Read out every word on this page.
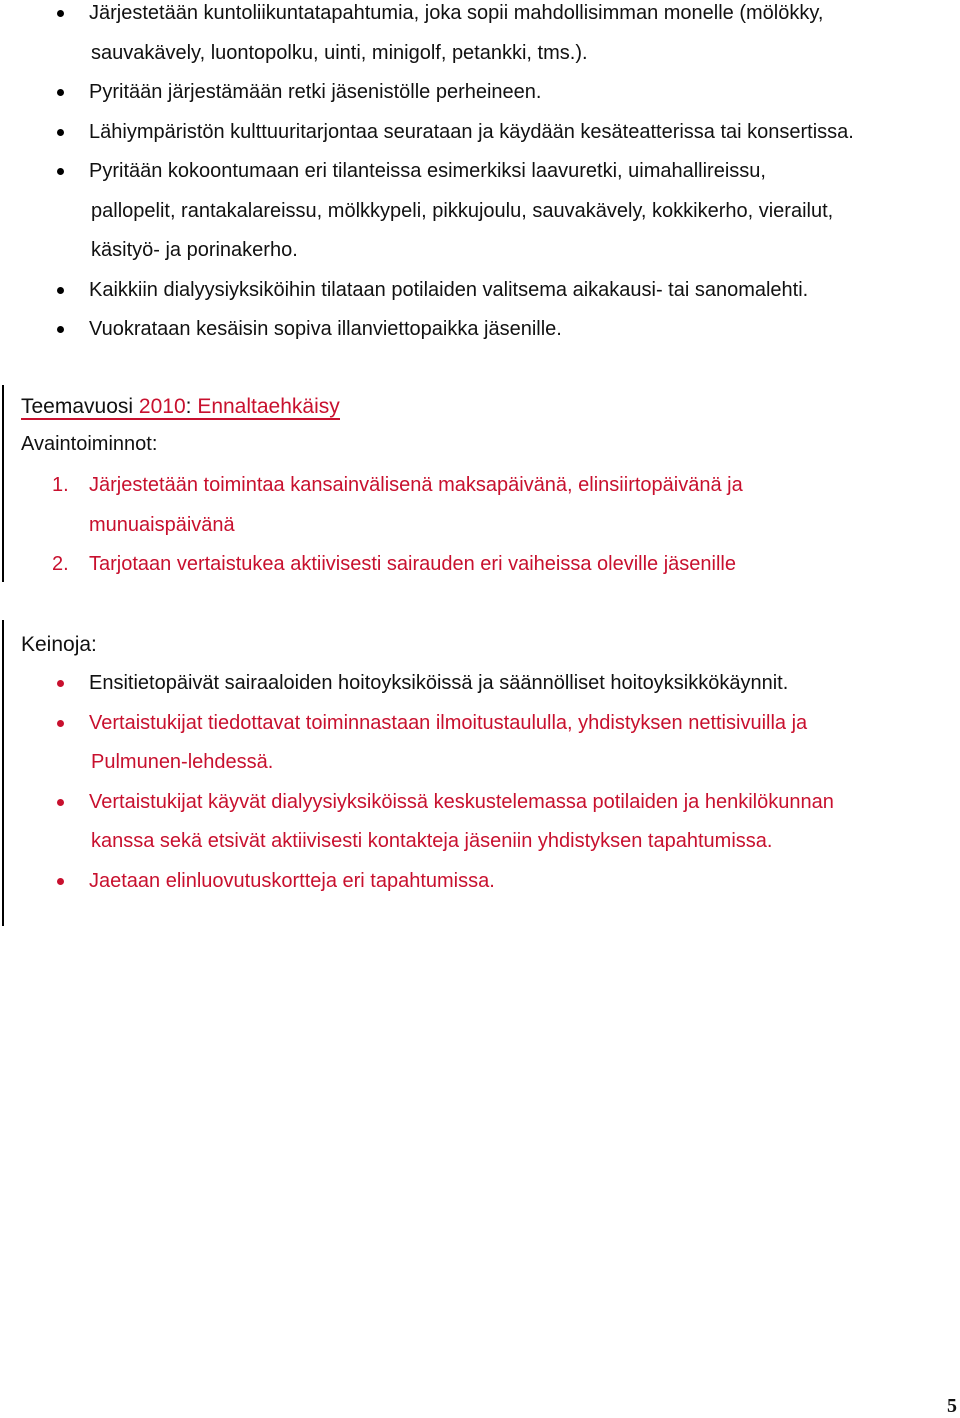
Järjestetään kuntoliikuntatapahtumia, joka sopii mahdollisimman monelle (mölökky,
sauvakävely, luontopolku, uinti, minigolf, petankki, tms.).
Pyritään järjestämään retki jäsenistölle perheineen.
Lähiympäristön kulttuuritarjontaa seurataan ja käydään kesäteatterissa tai konsertissa.
Pyritään kokoontumaan eri tilanteissa esimerkiksi laavuretki, uimahallireissu,
pallopelit, rantakalareissu, mölkkypeli, pikkujoulu, sauvakävely, kokkikerho, vierailut,
käsityö- ja porinakerho.
Kaikkiin dialyysiyksiköihin tilataan potilaiden valitsema aikakausi- tai sanomalehti.
Vuokrataan kesäisin sopiva illanviettopaikka jäsenille.
Teemavuosi 2010: Ennaltaehkäisy
Avaintoiminnot:
1. Järjestetään toimintaa kansainvälisenä maksapäivänä, elinsiirtopäivänä ja
munuaispäivänä
2. Tarjotaan vertaistukea aktiivisesti sairauden eri vaiheissa oleville jäsenille
Keinoja:
Ensitietopäivät sairaaloiden hoitoyksiköissä ja säännölliset hoitoyksikkökäynnit.
Vertaistukijat tiedottavat toiminnastaan ilmoitustaululla, yhdistyksen nettisivuilla ja
Pulmunen-lehdessä.
Vertaistukijat käyvät dialyysiyksiköissä keskustelemassa potilaiden ja henkilökunnan
kanssa sekä etsivät aktiivisesti kontakteja jäseniin yhdistyksen tapahtumissa.
Jaetaan elinluovutuskortteja eri tapahtumissa.
5
